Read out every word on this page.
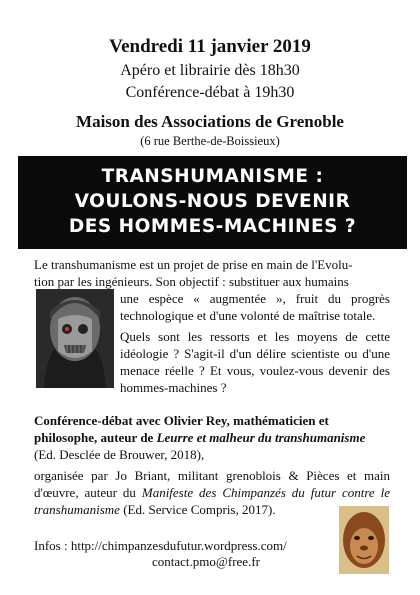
Vendredi 11 janvier 2019
Apéro et librairie dès 18h30
Conférence-débat à 19h30
Maison des Associations de Grenoble
(6 rue Berthe-de-Boissieux)
TRANSHUMANISME :
VOULONS-NOUS DEVENIR
DES HOMMES-MACHINES ?
Le transhumanisme est un projet de prise en main de l'Evolu-
tion par les ingénieurs. Son objectif : substituer aux humains
une espèce « augmentée », fruit du progrès technologique et d'une volonté de maîtrise totale.
Quels sont les ressorts et les moyens de cette idéologie ? S'agit-il d'un délire scientiste ou d'une menace réelle ? Et vous, voulez-vous devenir des hommes-machines ?
Conférence-débat avec Olivier Rey, mathématicien et philosophe, auteur de Leurre et malheur du transhumanisme (Ed. Desclée de Brouwer, 2018),
organisée par Jo Briant, militant grenoblois & Pièces et main d'œuvre, auteur du Manifeste des Chimpanzés du futur contre le transhumanisme (Ed. Service Compris, 2017).
Infos : http://chimpanzesdufutur.wordpress.com/
contact.pmo@free.fr
